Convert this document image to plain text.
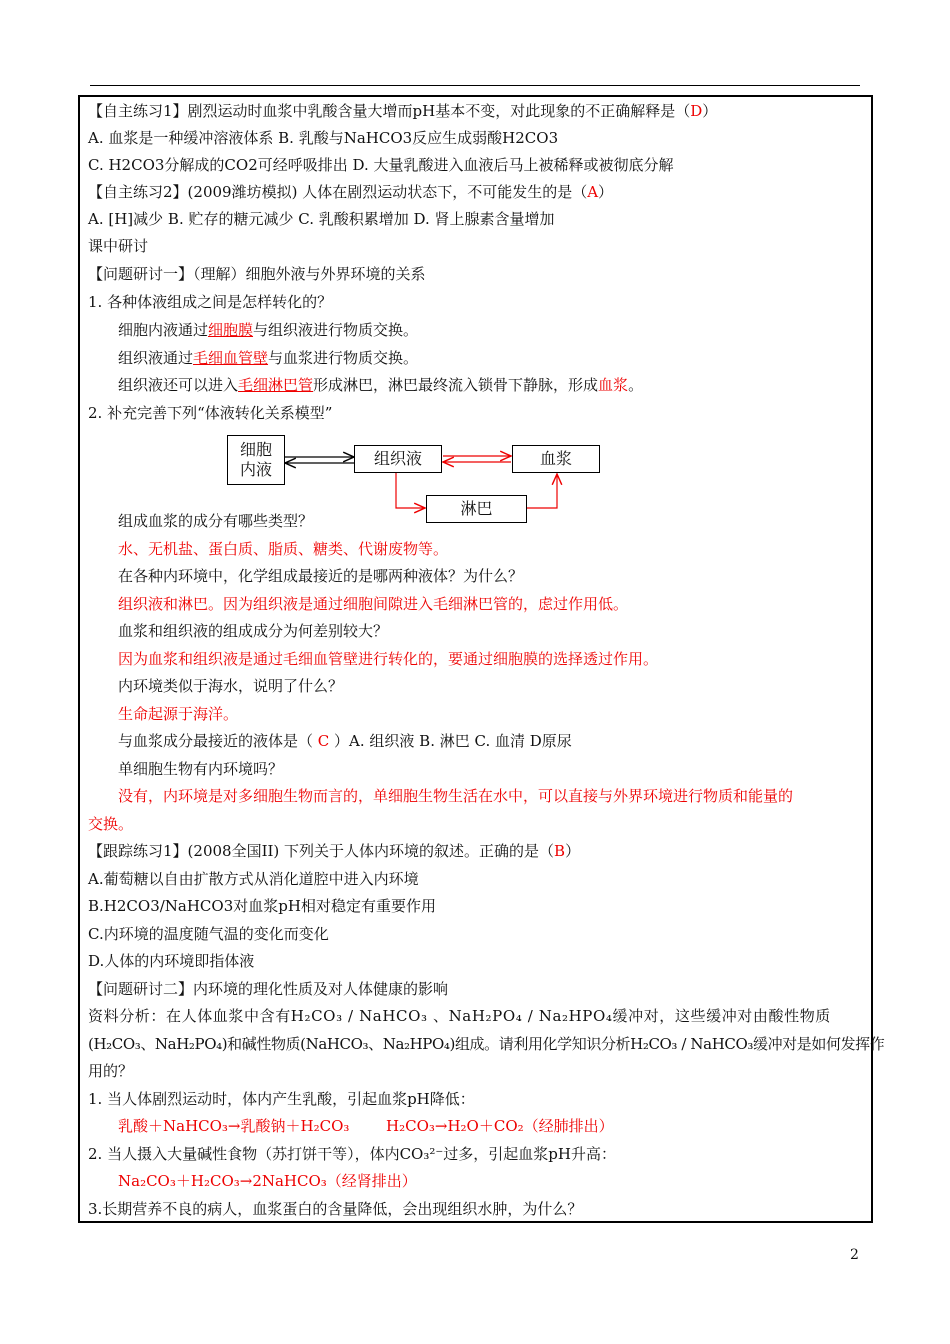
【自主练习1】剧烈运动时血浆中乳酸含量大增而pH基本不变，对此现象的不正确解释是（D）
A. 血浆是一种缓冲溶液体系 B. 乳酸与NaHCO3反应生成弱酸H2CO3
C. H2CO3分解成的CO2可经呼吸排出 D. 大量乳酸进入血液后马上被稀释或被彻底分解
【自主练习2】(2009潍坊模拟) 人体在剧烈运动状态下，不可能发生的是（A）
A. [H]减少 B. 贮存的糖元减少 C. 乳酸积累增加 D. 肾上腺素含量增加
课中研讨
【问题研讨一】（理解）细胞外液与外界环境的关系
1. 各种体液组成之间是怎样转化的？
细胞内液通过细胞膜与组织液进行物质交换。
组织液通过毛细血管壁与血浆进行物质交换。
组织液还可以进入毛细淋巴管形成淋巴，淋巴最终流入锁骨下静脉，形成血浆。
2. 补充完善下列“体液转化关系模型”
细胞
内液
组织液	血浆
淋巴
组成血浆的成分有哪些类型？
水、无机盐、蛋白质、脂质、糖类、代谢废物等。
在各种内环境中，化学组成最接近的是哪两种液体？为什么？
组织液和淋巴。因为组织液是通过细胞间隙进入毛细淋巴管的，虑过作用低。
血浆和组织液的组成成分为何差别较大？
因为血浆和组织液是通过毛细血管壁进行转化的，要通过细胞膜的选择透过作用。
内环境类似于海水，说明了什么？
生命起源于海洋。
与血浆成分最接近的液体是（ C ）A. 组织液 B. 淋巴 C. 血清 D原尿
单细胞生物有内环境吗？
没有，内环境是对多细胞生物而言的，单细胞生物生活在水中，可以直接与外界环境进行物质和能量的
交换。
【跟踪练习1】(2008全国II) 下列关于人体内环境的叙述。正确的是（B）
A.葡萄糖以自由扩散方式从消化道腔中进入内环境
B.H2CO3/NaHCO3对血浆pH相对稳定有重要作用
C.内环境的温度随气温的变化而变化
D.人体的内环境即指体液
【问题研讨二】内环境的理化性质及对人体健康的影响
资料分析：在人体血浆中含有H₂CO₃ / NaHCO₃ 、NaH₂PO₄ / Na₂HPO₄缓冲对，这些缓冲对由酸性物质
(H₂CO₃、NaH₂PO₄)和碱性物质(NaHCO₃、Na₂HPO₄)组成。请利用化学知识分析H₂CO₃ / NaHCO₃缓冲对是如何发挥作
用的？
1. 当人体剧烈运动时，体内产生乳酸，引起血浆pH降低：
乳酸＋NaHCO₃→乳酸钠＋H₂CO₃ H₂CO₃→H₂O＋CO₂（经肺排出）
2. 当人摄入大量碱性食物（苏打饼干等），体内CO₃²⁻过多，引起血浆pH升高：
Na₂CO₃＋H₂CO₃→2NaHCO₃（经肾排出）
3.长期营养不良的病人，血浆蛋白的含量降低，会出现组织水肿，为什么？
2
